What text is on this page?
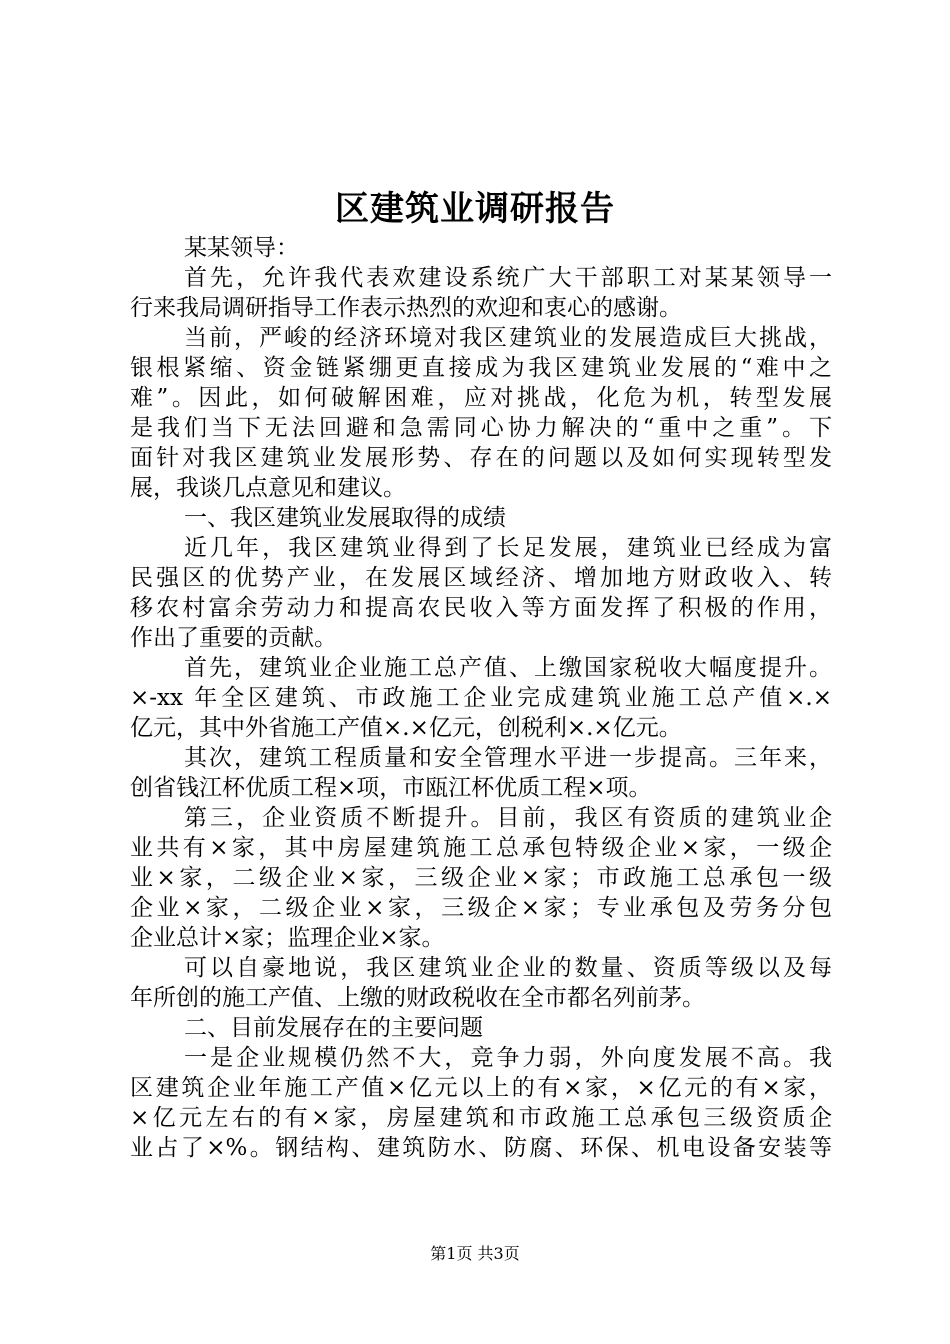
区建筑业调研报告
某某领导：
首先，允许我代表欢建设系统广大干部职工对某某领导一
行来我局调研指导工作表示热烈的欢迎和衷心的感谢。
当前，严峻的经济环境对我区建筑业的发展造成巨大挑战，
银根紧缩、资金链紧绷更直接成为我区建筑业发展的“难中之
难”。因此，如何破解困难，应对挑战，化危为机，转型发展
是我们当下无法回避和急需同心协力解决的“重中之重”。下
面针对我区建筑业发展形势、存在的问题以及如何实现转型发
展，我谈几点意见和建议。
一、我区建筑业发展取得的成绩
近几年，我区建筑业得到了长足发展，建筑业已经成为富
民强区的优势产业，在发展区域经济、增加地方财政收入、转
移农村富余劳动力和提高农民收入等方面发挥了积极的作用，
作出了重要的贡献。
首先，建筑业企业施工总产值、上缴国家税收大幅度提升。
×-xx 年全区建筑、市政施工企业完成建筑业施工总产值×.×
亿元，其中外省施工产值×.×亿元，创税利×.×亿元。
其次，建筑工程质量和安全管理水平进一步提高。三年来，
创省钱江杯优质工程×项，市瓯江杯优质工程×项。
第三，企业资质不断提升。目前，我区有资质的建筑业企
业共有×家，其中房屋建筑施工总承包特级企业×家，一级企
业×家，二级企业×家，三级企业×家；市政施工总承包一级
企业×家，二级企业×家，三级企×家；专业承包及劳务分包
企业总计×家；监理企业×家。
可以自豪地说，我区建筑业企业的数量、资质等级以及每
年所创的施工产值、上缴的财政税收在全市都名列前茅。
二、目前发展存在的主要问题
一是企业规模仍然不大，竞争力弱，外向度发展不高。我
区建筑企业年施工产值×亿元以上的有×家，×亿元的有×家，
×亿元左右的有×家，房屋建筑和市政施工总承包三级资质企
业占了×%。钢结构、建筑防水、防腐、环保、机电设备安装等
第1页 共3页
